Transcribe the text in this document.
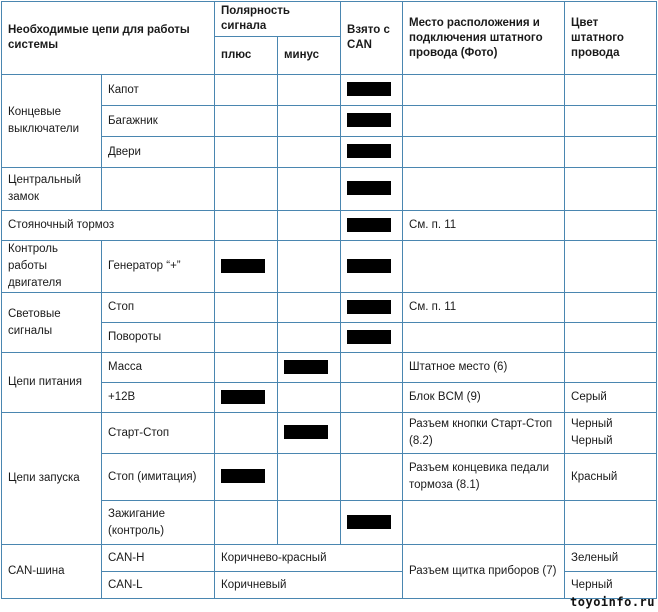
Необходимые цепи для работы системы		Полярность сигнала		Взято с CAN	Место расположения и подключения штатного провода (Фото)	Цвет штатного провода
		плюс	минус			
Концевые выключатели	Капот					
	Багажник					
	Двери					
Центральный замок						
Стояночный тормоз					См. п. 11	
Контроль работы двигателя	Генератор “+”					
Световые сигналы	Стоп				См. п. 11	
	Повороты					
Цепи питания	Масса				Штатное место (6)	
	+12В				Блок BCM (9)	Серый
Цепи запуска	Старт-Стоп				Разъем кнопки Старт-Стоп (8.2)	Черный Черный
	Стоп (имитация)				Разъем концевика педали тормоза (8.1)	Красный
	Зажигание (контроль)					
CAN-шина	CAN-H	Коричнево-красный			Разъем щитка приборов (7)	Зеленый
	CAN-L	Коричневый				Черный
toyoinfo.ru
